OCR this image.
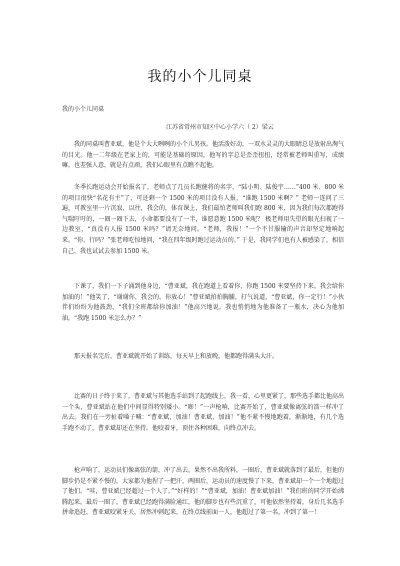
我的小个儿同桌
我的小个儿同桌
江苏省常州市知区中心小学六（ 2）梁云

我的同桌叫曹亚斌，他是个大大咧咧的小个儿男孩。他活泼好动，一双水灵灵的大眼睛总是放射出淘气的目光。他一二年级在老家上的，可能是基础的原因，他写的字总是歪歪扭扭，经常被老师叫重写，成绩嘛，也差强人意，就是有点顽，我们心眼里有点瞧不起他。

冬季长跑运动会开始报名了，老师点了几员长跑健将的名字，“陆小明、陆俊宇……”400 米、800 米的项目很快“名花有主”了，可还剩一个 1500 米的项目没有人报，“谁跑 1500 米啊？” 老师一连问了三遍，可教室里一片沉寂，以往，我会的，体育课上，我们最怕老师叫我们跑 800 米，因为我们每次都跑得气喘吁吁的，一圈一圈下去，小命都要没有了一半，谁愿意跑 1500 米呢？ 极老师用失望的眼光扫视了一边教室，“真没有人报 1500 米吗？”请无奈地问。“老师，我报！”一个不甘服输的声音却坚定地响起来。“你，行吗？”张老师吃惊地问，“我在四年级时跑过运动员的。” 于是，我同学们也有人被感染了，相信自己，我也试试去参加 1500 米。

下课了，我们一下子涌到他身边，“曹亚斌，我在跑道上看着你，你跑 1500 米要坚持下来。我会给你加油的！”他笑了，“谢谢你，我会的。你放心！”曹亚斌拍拍胸脯，打气说道，“曹亚斌，你一定行！”小伙伴们纷纷为他鼓劲，“我们全班都给你加油！”他高兴地说。我也悄悄地为他准备了一瓶水，决心为他加油。“我跑 1500 米怎么办？”

那天报名完后，曹亚斌就开始了训练，每天早上和放晚，他都跑得满头大汗。

比赛的日子终于来了，曹亚斌与其他选手站到了起跑线上，我一看，心里更紧了，那些选手都比他高出一个头，曹亚斌站在他们中间显得特别矮小。“嘭！”一声枪响，比赛开始了，曹亚斌像离弦的箭一样冲了出去。我们在一旁扯着嗓子喊：“曹亚斌，加油！曹亚斌，加油！”他不紧不慢地跑着，渐渐地，有几个选手跑不动了，曹亚斌却还在坚持。他咬着牙，顶住各种困难，向终点冲去。

枪声响了，运动员们像离弦的箭，冲了出去。果然不出我所料，一圈后，曹亚斌就落到了最后，但他的脚步仍是不紧不慢的，大家都为他捏了一把汗，两圈后，运动员的速度慢了下来，曹亚斌却一个一个地超过了他们。“哇，曹亚斌已经超过一个人了。”“好样的！”“曹亚斌，加油！曹亚斌加油！”我们班的同学开始沸腾起来。最后一圈了，曹亚斌已经跑得满脸通红，他的脚步也有些沉重了，可他依然坚持着，身后几名选手拼命追赶，曹亚斌咬紧牙关，居然冲刺起来，在终点线前面一人，他超过了第一名，冲到了第一！
